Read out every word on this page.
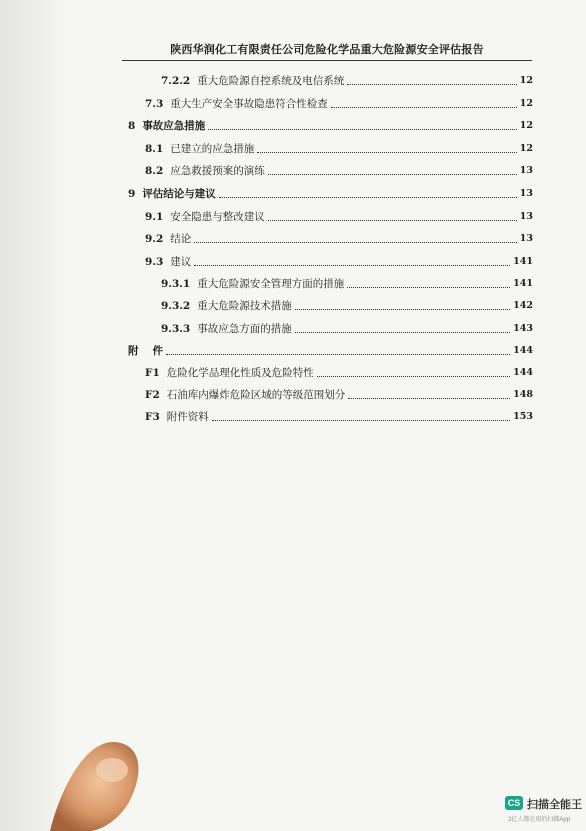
陕西华润化工有限责任公司危险化学品重大危险源安全评估报告
7.2.2 重大危险源自控系统及电信系统	12
7.3 重大生产安全事故隐患符合性检查	12
8 事故应急措施	12
8.1 已建立的应急措施	12
8.2 应急救援预案的演练	13
9 评估结论与建议	13
9.1 安全隐患与整改建议	13
9.2 结论	13
9.3 建议	141
9.3.1 重大危险源安全管理方面的措施	141
9.3.2 重大危险源技术措施	142
9.3.3 事故应急方面的措施	143
附 件	144
F1 危险化学品理化性质及危险特性	144
F2 石油库内爆炸危险区域的等级范围划分	148
F3 附件资料	153
CS 扫描全能王
3亿人都在用的扫描App
